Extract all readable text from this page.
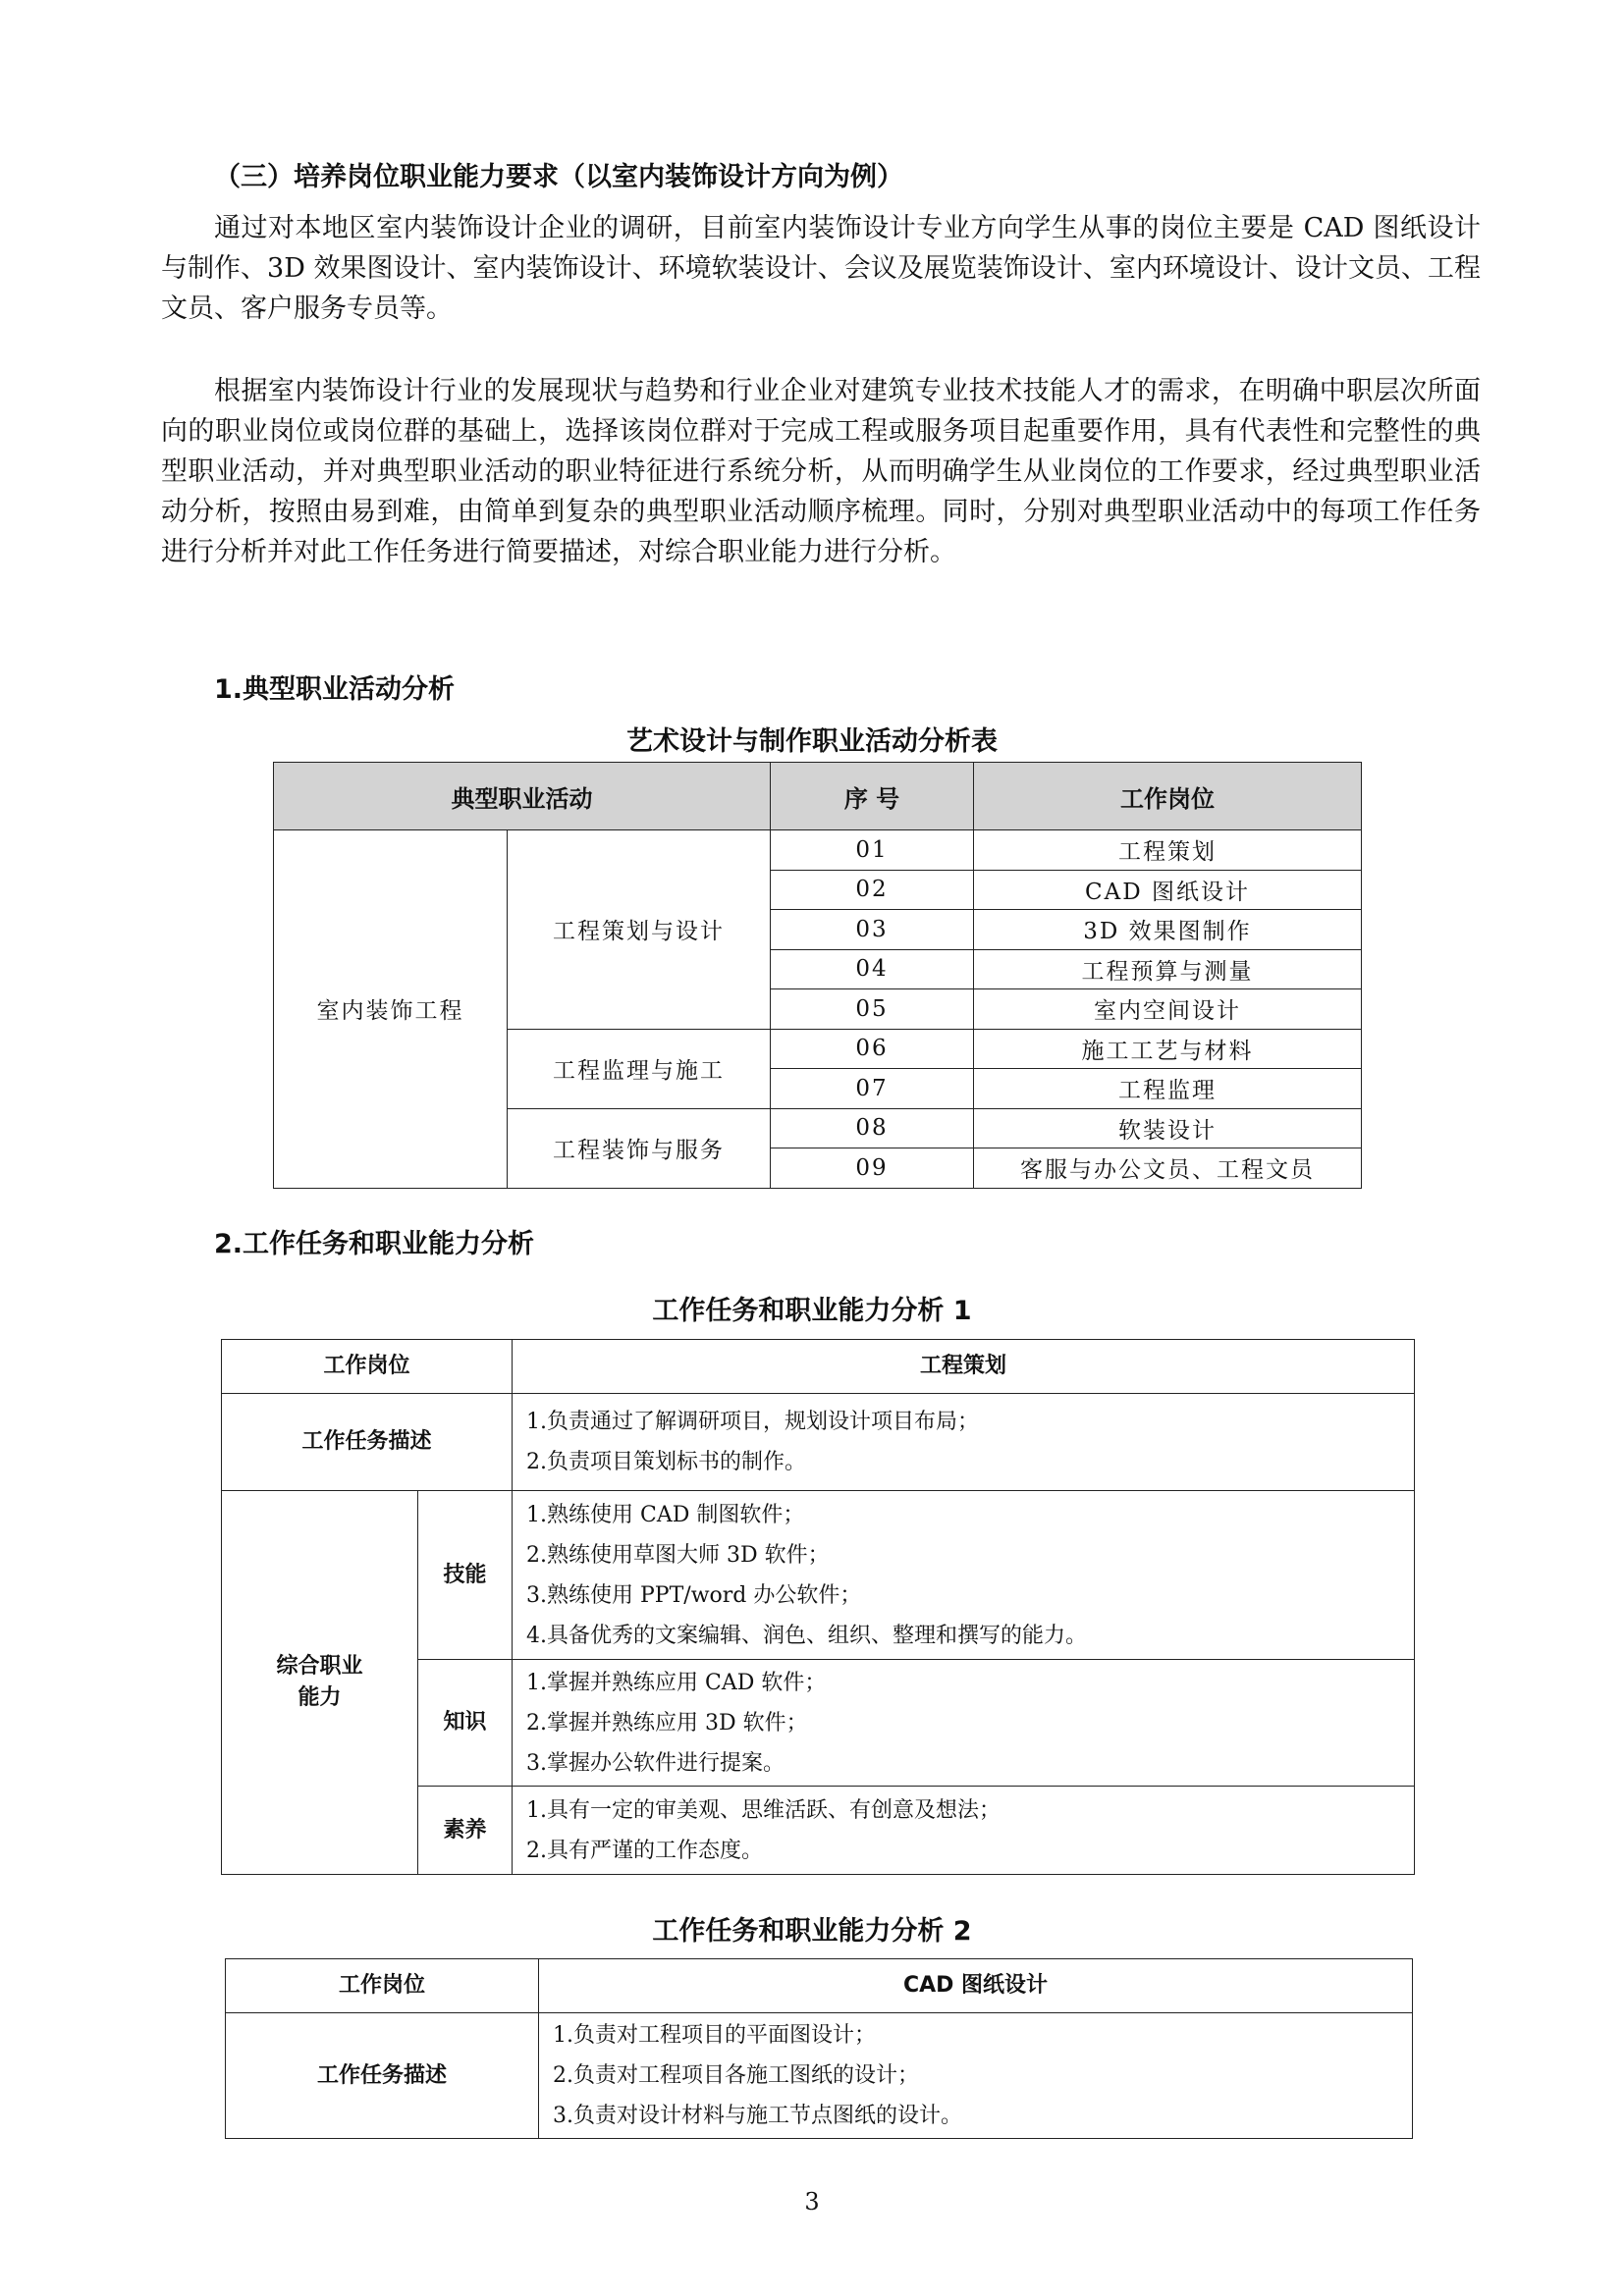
（三）培养岗位职业能力要求（以室内装饰设计方向为例）

通过对本地区室内装饰设计企业的调研，目前室内装饰设计专业方向学生从事的岗位主要是 CAD 图纸设计与制作、3D 效果图设计、室内装饰设计、环境软装设计、会议及展览装饰设计、室内环境设计、设计文员、工程文员、客户服务专员等。

根据室内装饰设计行业的发展现状与趋势和行业企业对建筑专业技术技能人才的需求，在明确中职层次所面向的职业岗位或岗位群的基础上，选择该岗位群对于完成工程或服务项目起重要作用，具有代表性和完整性的典型职业活动，并对典型职业活动的职业特征进行系统分析，从而明确学生从业岗位的工作要求，经过典型职业活动分析，按照由易到难，由简单到复杂的典型职业活动顺序梳理。同时，分别对典型职业活动中的每项工作任务进行分析并对此工作任务进行简要描述，对综合职业能力进行分析。

1.典型职业活动分析
艺术设计与制作职业活动分析表
典型职业活动		序 号	工作岗位
室内装饰工程	工程策划与设计	01	工程策划
		02	CAD 图纸设计
		03	3D 效果图制作
		04	工程预算与测量
		05	室内空间设计
	工程监理与施工	06	施工工艺与材料
		07	工程监理
	工程装饰与服务	08	软装设计
		09	客服与办公文员、工程文员
2.工作任务和职业能力分析
工作任务和职业能力分析 1
工作岗位		工程策划
工作任务描述		1.负责通过了解调研项目，规划设计项目布局；
2.负责项目策划标书的制作。

综合职业
能力	技能	1.熟练使用 CAD 制图软件；
2.熟练使用草图大师 3D 软件；
3.熟练使用 PPT/word 办公软件；
4.具备优秀的文案编辑、润色、组织、整理和撰写的能力。

	知识	1.掌握并熟练应用 CAD 软件；
2.掌握并熟练应用 3D 软件；
3.掌握办公软件进行提案。

	素养	1.具有一定的审美观、思维活跃、有创意及想法；
2.具有严谨的工作态度。
工作任务和职业能力分析 2
工作岗位	CAD 图纸设计
工作任务描述	1.负责对工程项目的平面图设计；
2.负责对工程项目各施工图纸的设计；
3.负责对设计材料与施工节点图纸的设计。
3
